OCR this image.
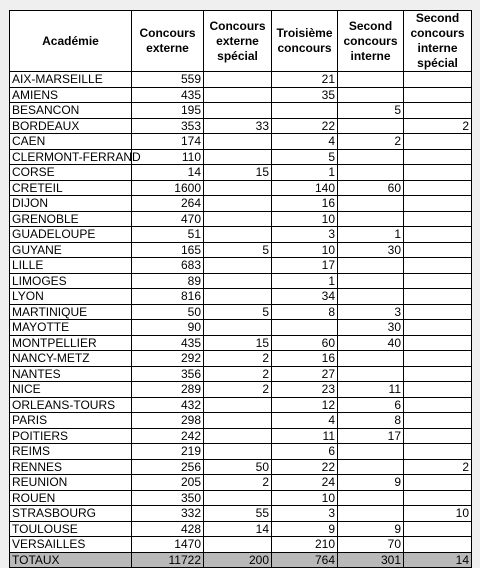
Académie	Concours externe	Concours externe spécial	Troisième concours	Second concours interne	Second concours interne spécial
AIX-MARSEILLE	559		21		
AMIENS	435		35		
BESANCON	195			5	
BORDEAUX	353	33	22		2
CAEN	174		4	2	
CLERMONT-FERRAND	110		5		
CORSE	14	15	1		
CRETEIL	1600		140	60	
DIJON	264		16		
GRENOBLE	470		10		
GUADELOUPE	51		3	1	
GUYANE	165	5	10	30	
LILLE	683		17		
LIMOGES	89		1		
LYON	816		34		
MARTINIQUE	50	5	8	3	
MAYOTTE	90			30	
MONTPELLIER	435	15	60	40	
NANCY-METZ	292	2	16		
NANTES	356	2	27		
NICE	289	2	23	11	
ORLEANS-TOURS	432		12	6	
PARIS	298		4	8	
POITIERS	242		11	17	
REIMS	219		6		
RENNES	256	50	22		2
REUNION	205	2	24	9	
ROUEN	350		10		
STRASBOURG	332	55	3		10
TOULOUSE	428	14	9	9	
VERSAILLES	1470		210	70	
TOTAUX	11722	200	764	301	14
